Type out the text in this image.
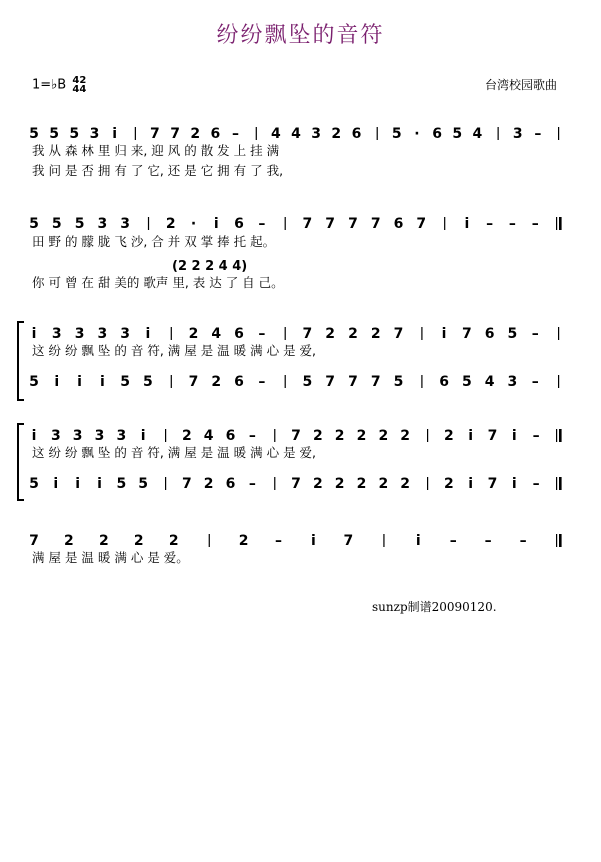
纷纷飘坠的音符
1=♭B 42
44	台湾校园歌曲
5 5 5 3 i 7 7 2 6 – 4 4 3 2 6 5 · 6 5 4 3 –
5 5 5 3 3	2 · i 6 –	7 7 7 7 6 7	i – – –
i 3 3 3 3 i	2 4 6 –	7 2 2 2 7	i 7 6 5 –
5 i i i 5 5	7 2 6 –	5 7 7 7 5	6 5 4 3 –
i 3 3 3 3 i	2 4 6 –	7 2 2 2 2 2 2 i 7 i –
5 i i i 5 5 7 2 6 –	7 2 2 2 2 2 2 i 7 i –
7 2 2 2 2	2 – i 7	i – – –
我 从 森 林 里 归 来, 迎 风 的 散 发 上 挂 满
我 问 是 否 拥 有 了 它, 还 是 它 拥 有 了 我,
田 野 的 朦 胧 飞 沙, 合 并 双 掌 捧 托 起。
你 可 曾 在 甜 美的 歌声 里, 表 达 了 自 己。
这 纷 纷 飘 坠 的 音 符, 满 屋 是 温 暖 满 心 是 爱,
这 纷 纷 飘 坠 的 音 符, 满 屋 是 温 暖 满 心 是 爱,
满 屋 是 温 暖 满 心 是 爱。
(2 2 2 4 4)
sunzp制谱20090120.
